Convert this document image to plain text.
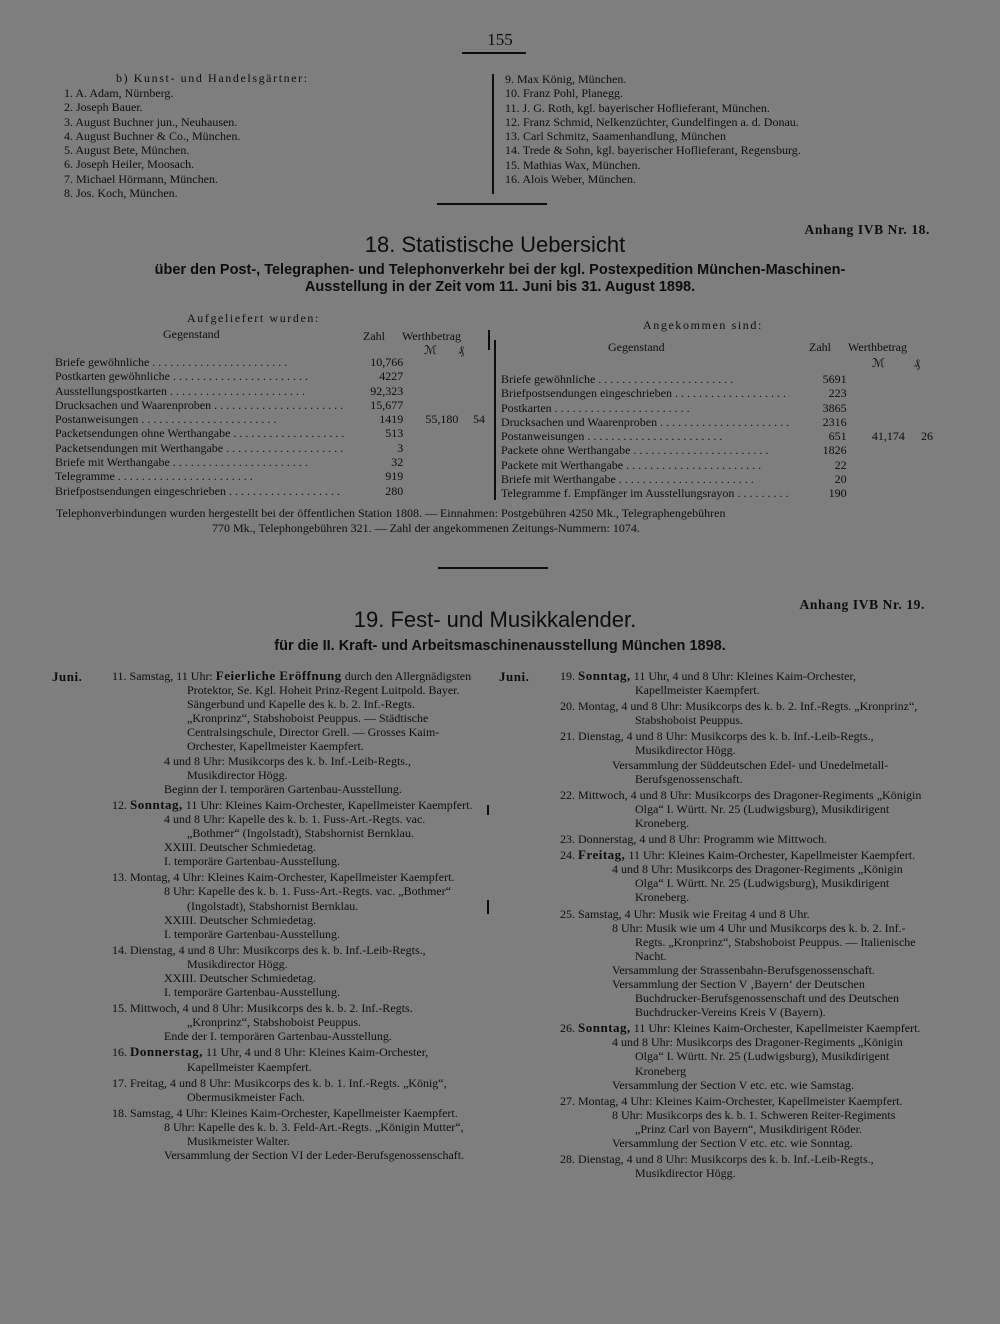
155
b) Kunst- und Handelsgärtner:
1. A. Adam, Nürnberg.
2. Joseph Bauer.
3. August Buchner jun., Neuhausen.
4. August Buchner & Co., München.
5. August Bete, München.
6. Joseph Heiler, Moosach.
7. Michael Hörmann, München.
8. Jos. Koch, München.
9. Max König, München.
10. Franz Pohl, Planegg.
11. J. G. Roth, kgl. bayerischer Hoflieferant, München.
12. Franz Schmid, Nelkenzüchter, Gundelfingen a. d. Donau.
13. Carl Schmitz, Saamenhandlung, München
14. Trede & Sohn, kgl. bayerischer Hoflieferant, Regensburg.
15. Mathias Wax, München.
16. Alois Weber, München.
Anhang IVB Nr. 18.
18. Statistische Uebersicht
über den Post-, Telegraphen- und Telephonverkehr bei der kgl. Postexpedition München-Maschinen-
Ausstellung in der Zeit vom 11. Juni bis 31. August 1898.
Aufgeliefert wurden:
Gegenstand	Zahl Werthbetrag
ℳ ₰
Briefe gewöhnliche . . .	10,766		
Postkarten gewöhnliche . . .	4227		
Ausstellungspostkarten . . .	92,323		
Drucksachen und Waarenproben . . .	15,677		
Postanweisungen . . .	1419	55,180	54
Packetsendungen ohne Werthangabe . . .	513		
Packetsendungen mit Werthangabe . . .	3		
Briefe mit Werthangabe . . .	32		
Telegramme . . .	919		
Briefpostsendungen eingeschrieben . . .	280		
Angekommen sind:
Gegenstand	Zahl Werthbetrag
ℳ ₰
Briefe gewöhnliche . . .	5691		
Briefpostsendungen eingeschrieben . . .	223		
Postkarten . . .	3865		
Drucksachen und Waarenproben . . .	2316		
Postanweisungen . . .	651	41,174	26
Packete ohne Werthangabe . . .	1826		
Packete mit Werthangabe . . .	22		
Briefe mit Werthangabe . . .	20		
Telegramme f. Empfänger im Ausstellungsrayon . . .	190		
Telephonverbindungen wurden hergestellt bei der öffentlichen Station 1808. — Einnahmen: Postgebühren 4250 Mk., Telegraphengebühren
770 Mk., Telephongebühren 321. — Zahl der angekommenen Zeitungs-Nummern: 1074.
Anhang IVB Nr. 19.
19. Fest- und Musikkalender.
für die II. Kraft- und Arbeitsmaschinenausstellung München 1898.
Juni. 11. Samstag, 11 Uhr: Feierliche Eröffnung durch den Allergnädigsten Protektor, Se. Kgl. Hoheit Prinz-Regent Luitpold. Bayer. Sängerbund und Kapelle des k. b. 2. Inf.-Regts. „Kronprinz“, Stabshoboist Peuppus. — Städtische Centralsingschule, Director Grell. — Grosses Kaim-Orchester, Kapellmeister Kaempfert.

4 und 8 Uhr: Musikcorps des k. b. Inf.-Leib-Regts., Musikdirector Högg.

Beginn der I. temporären Gartenbau-Ausstellung.

12. Sonntag, 11 Uhr: Kleines Kaim-Orchester, Kapellmeister Kaempfert.

4 und 8 Uhr: Kapelle des k. b. 1. Fuss-Art.-Regts. vac. „Bothmer“ (Ingolstadt), Stabshornist Bernklau.

XXIII. Deutscher Schmiedetag.

I. temporäre Gartenbau-Ausstellung.

13. Montag, 4 Uhr: Kleines Kaim-Orchester, Kapellmeister Kaempfert.

8 Uhr: Kapelle des k. b. 1. Fuss-Art.-Regts. vac. „Bothmer“ (Ingolstadt), Stabshornist Bernklau.

XXIII. Deutscher Schmiedetag.

I. temporäre Gartenbau-Ausstellung.

14. Dienstag, 4 und 8 Uhr: Musikcorps des k. b. Inf.-Leib-Regts., Musikdirector Högg.

XXIII. Deutscher Schmiedetag.

I. temporäre Gartenbau-Ausstellung.

15. Mittwoch, 4 und 8 Uhr: Musikcorps des k. b. 2. Inf.-Regts. „Kronprinz“, Stabshoboist Peuppus.

Ende der I. temporären Gartenbau-Ausstellung.

16. Donnerstag, 11 Uhr, 4 und 8 Uhr: Kleines Kaim-Orchester, Kapellmeister Kaempfert.

17. Freitag, 4 und 8 Uhr: Musikcorps des k. b. 1. Inf.-Regts. „König“, Obermusikmeister Fach.

18. Samstag, 4 Uhr: Kleines Kaim-Orchester, Kapellmeister Kaempfert.

8 Uhr: Kapelle des k. b. 3. Feld-Art.-Regts. „Königin Mutter“, Musikmeister Walter.

Versammlung der Section VI der Leder-Berufsgenossenschaft.

Juni.	19. Sonntag, 11 Uhr, 4 und 8 Uhr: Kleines Kaim-Orchester, Kapellmeister Kaempfert.

20. Montag, 4 und 8 Uhr: Musikcorps des k. b. 2. Inf.-Regts. „Kronprinz“, Stabshoboist Peuppus.

21. Dienstag, 4 und 8 Uhr: Musikcorps des k. b. Inf.-Leib-Regts., Musikdirector Högg.

Versammlung der Süddeutschen Edel- und Unedelmetall-Berufsgenossenschaft.

22. Mittwoch, 4 und 8 Uhr: Musikcorps des Dragoner-Regiments „Königin Olga“ I. Württ. Nr. 25 (Ludwigsburg), Musikdirigent Kroneberg.

23. Donnerstag, 4 und 8 Uhr: Programm wie Mittwoch.

24. Freitag, 11 Uhr: Kleines Kaim-Orchester, Kapellmeister Kaempfert.

4 und 8 Uhr: Musikcorps des Dragoner-Regiments „Königin Olga“ I. Württ. Nr. 25 (Ludwigsburg), Musikdirigent Kroneberg.

25. Samstag, 4 Uhr: Musik wie Freitag 4 und 8 Uhr.

8 Uhr: Musik wie um 4 Uhr und Musikcorps des k. b. 2. Inf.-Regts. „Kronprinz“, Stabshoboist Peuppus. — Italienische Nacht.

Versammlung der Strassenbahn-Berufsgenossenschaft.

Versammlung der Section V ‚Bayern‘ der Deutschen Buchdrucker-Berufsgenossenschaft und des Deutschen Buchdrucker-Vereins Kreis V (Bayern).

26. Sonntag, 11 Uhr: Kleines Kaim-Orchester, Kapellmeister Kaempfert.

4 und 8 Uhr: Musikcorps des Dragoner-Regiments „Königin Olga“ I. Württ. Nr. 25 (Ludwigsburg), Musikdirigent Kroneberg

Versammlung der Section V etc. etc. wie Samstag.

27. Montag, 4 Uhr: Kleines Kaim-Orchester, Kapellmeister Kaempfert.

8 Uhr: Musikcorps des k. b. 1. Schweren Reiter-Regiments „Prinz Carl von Bayern“, Musikdirigent Röder.

Versammlung der Section V etc. etc. wie Sonntag.

28. Dienstag, 4 und 8 Uhr: Musikcorps des k. b. Inf.-Leib-Regts., Musikdirector Högg.
